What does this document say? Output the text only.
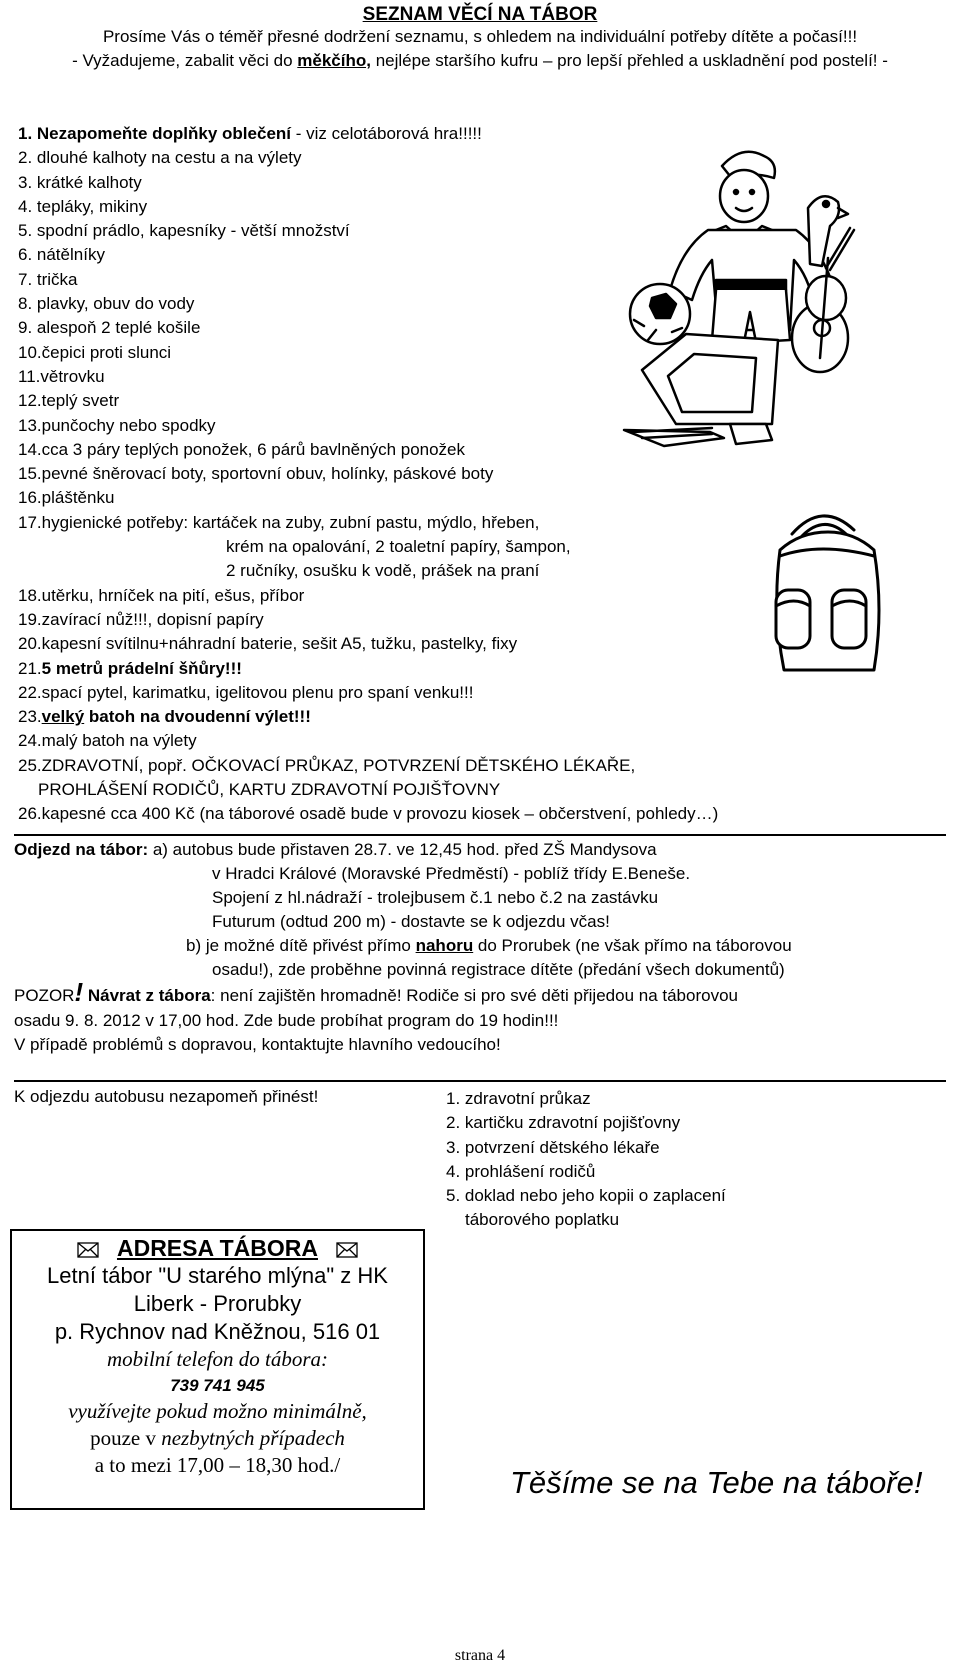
SEZNAM VĚCÍ NA TÁBOR
Prosíme Vás o téměř přesné dodržení seznamu, s ohledem na individuální potřeby dítěte a počasí!!!
- Vyžadujeme, zabalit věci do měkčího, nejlépe staršího kufru – pro lepší přehled a uskladnění pod postelí! -
1. Nezapomeňte doplňky oblečení - viz celotáborová hra!!!!!
2. dlouhé kalhoty na cestu a na výlety
3. krátké kalhoty
4. tepláky, mikiny
5. spodní prádlo, kapesníky - větší množství
6. nátělníky
7. trička
8. plavky, obuv do vody
9. alespoň 2 teplé košile
10.čepici proti slunci
11.větrovku
12.teplý svetr
13.punčochy nebo spodky
14.cca 3 páry teplých ponožek, 6 párů bavlněných ponožek
15.pevné šněrovací boty, sportovní obuv, holínky, páskové boty
16.pláštěnku
17.hygienické potřeby: kartáček na zuby, zubní pastu, mýdlo, hřeben,
krém na opalování, 2 toaletní papíry, šampon,
2 ručníky, osušku k vodě, prášek na praní
18.utěrku, hrníček na pití, ešus, příbor
19.zavírací nůž!!!, dopisní papíry
20.kapesní svítilnu+náhradní baterie, sešit A5, tužku, pastelky, fixy
21.5 metrů prádelní šňůry!!!
22.spací pytel, karimatku, igelitovou plenu pro spaní venku!!!
23.velký batoh na dvoudenní výlet!!!
24.malý batoh na výlety
25.ZDRAVOTNÍ, popř. OČKOVACÍ PRŮKAZ, POTVRZENÍ DĚTSKÉHO LÉKAŘE,
PROHLÁŠENÍ RODIČŮ, KARTU ZDRAVOTNÍ POJIŠŤOVNY
26.kapesné cca 400 Kč (na táborové osadě bude v provozu kiosek – občerstvení, pohledy…)
Odjezd na tábor: a) autobus bude přistaven 28.7. ve 12,45 hod. před ZŠ Mandysova
v Hradci Králové (Moravské Předměstí) - poblíž třídy E.Beneše.
Spojení z hl.nádraží - trolejbusem č.1 nebo č.2 na zastávku
Futurum (odtud 200 m) - dostavte se k odjezdu včas!
b) je možné dítě přivést přímo nahoru do Prorubek (ne však přímo na táborovou
osadu!), zde proběhne povinná registrace dítěte (předání všech dokumentů)
POZOR! Návrat z tábora: není zajištěn hromadně! Rodiče si pro své děti přijedou na táborovou
osadu 9. 8. 2012 v 17,00 hod. Zde bude probíhat program do 19 hodin!!!
V případě problémů s dopravou, kontaktujte hlavního vedoucího!
K odjezdu autobusu nezapomeň přinést!	1. zdravotní průkaz
2. kartičku zdravotní pojišťovny
3. potvrzení dětského lékaře
4. prohlášení rodičů
5. doklad nebo jeho kopii o zaplacení
táborového poplatku
ADRESA TÁBORA
Letní tábor "U starého mlýna" z HK
Liberk - Prorubky
p. Rychnov nad Kněžnou, 516 01
mobilní telefon do tábora:
739 741 945
využívejte pokud možno minimálně,
pouze v nezbytných případech
a to mezi 17,00 – 18,30 hod./	Těšíme se na Tebe na táboře!
strana 4
